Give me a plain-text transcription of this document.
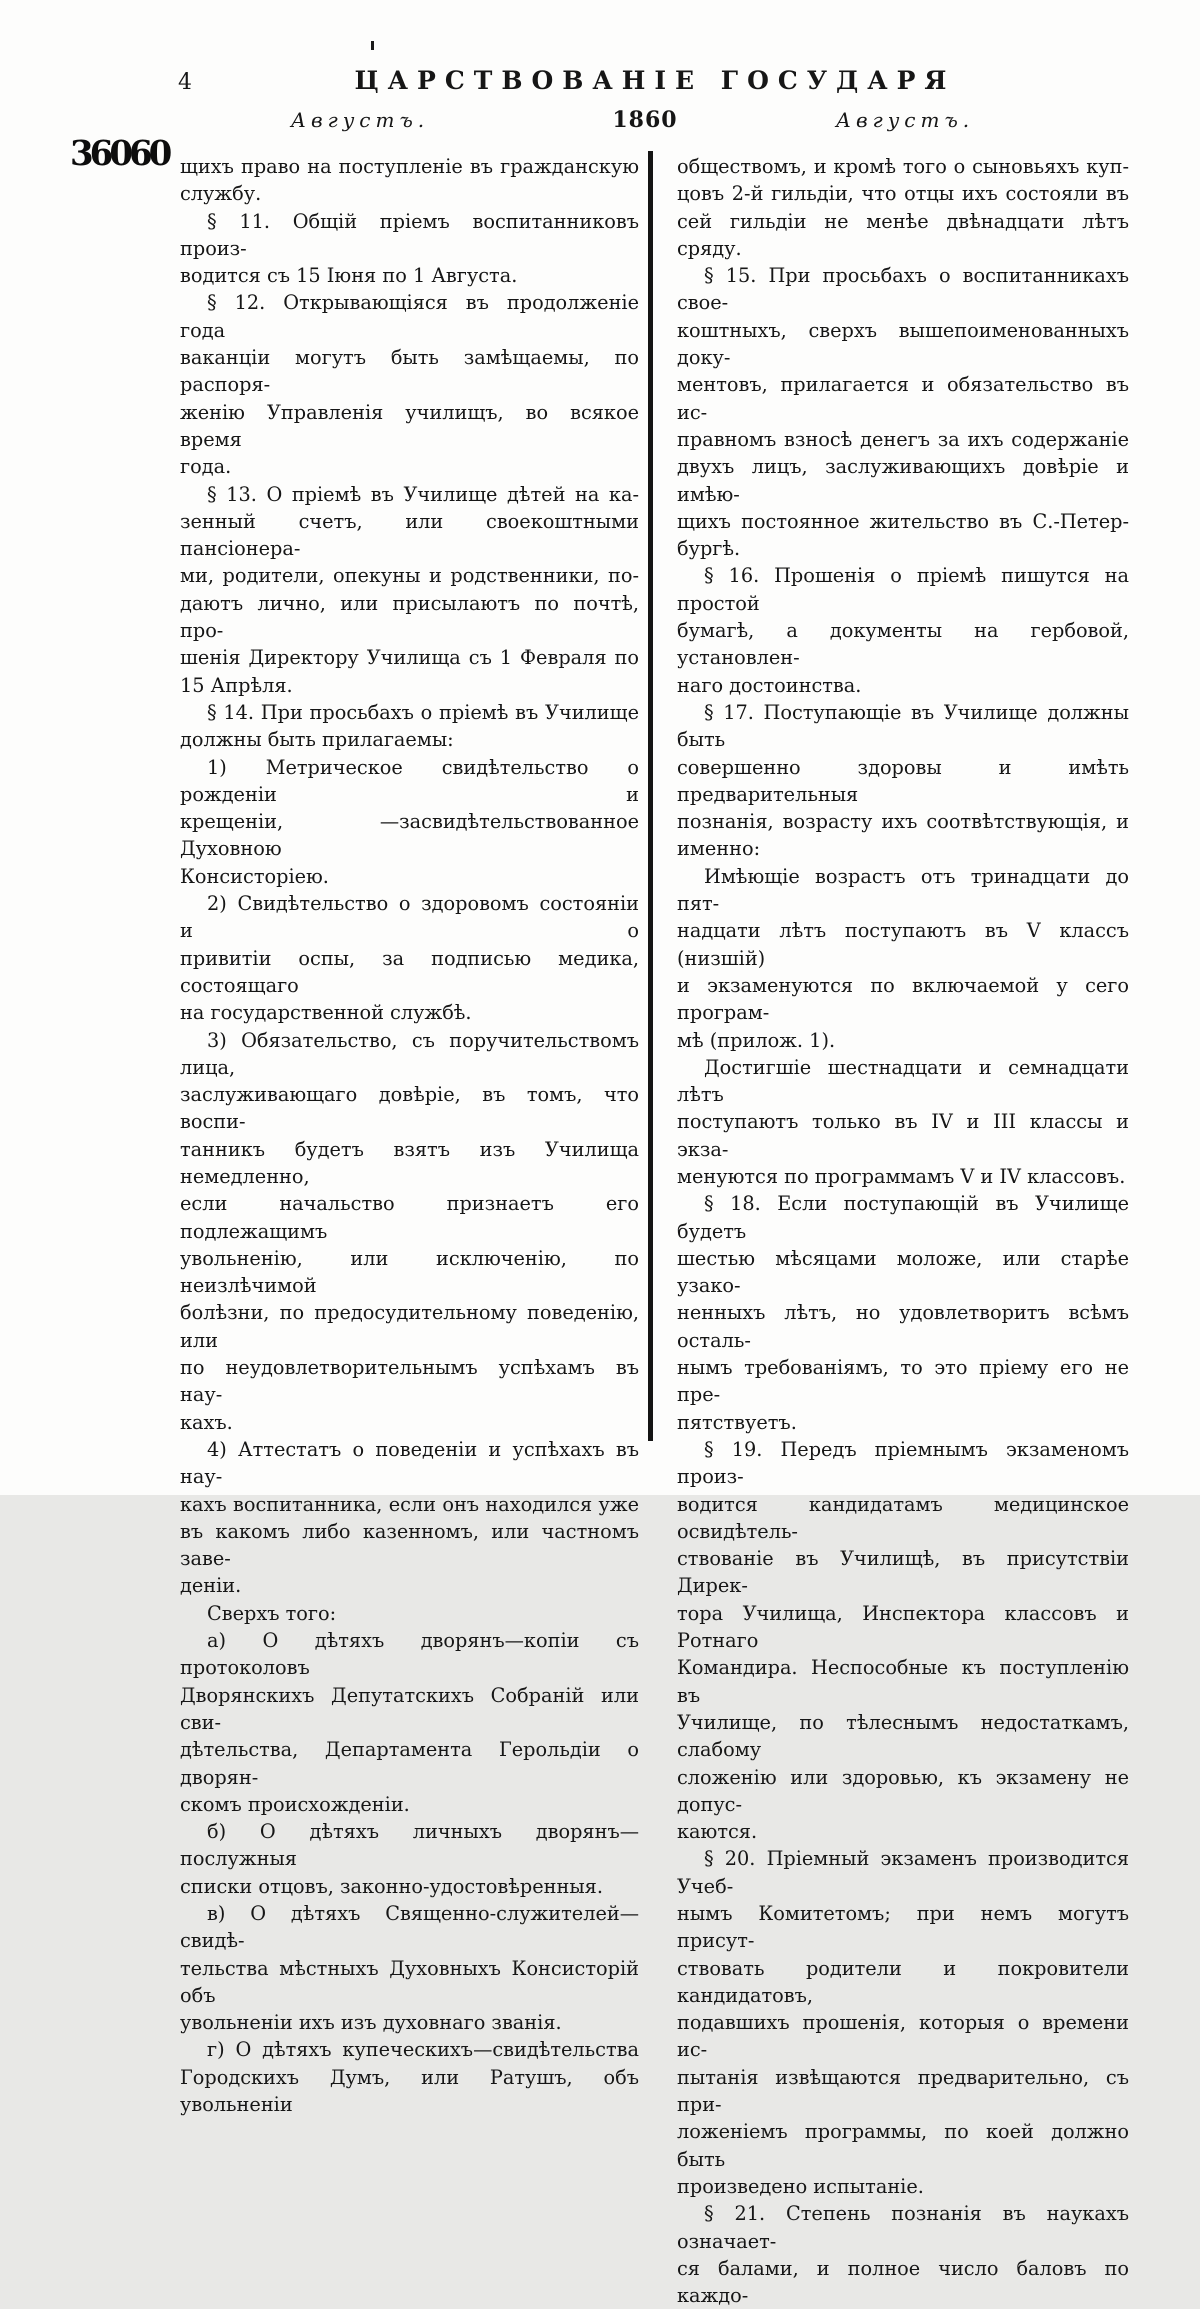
4	ЦАРСТВОВАНІЕ ГОСУДАРЯ
Августъ.	1860	Августъ.
36060 щихъ право на поступленіе въ гражданскую
службу.
§ 11. Общій пріемъ воспитанниковъ произ-
водится съ 15 Іюня по 1 Августа.
§ 12. Открывающіяся въ продолженіе года
ваканціи могутъ быть замѣщаемы, по распоря-
женію Управленія училищъ, во всякое время
года.
§ 13. О пріемѣ въ Училище дѣтей на ка-
зенный счетъ, или своекоштными пансіонера-
ми, родители, опекуны и родственники, по-
даютъ лично, или присылаютъ по почтѣ, про-
шенія Директору Училища съ 1 Февраля по
15 Апрѣля.
§ 14. При просьбахъ о пріемѣ въ Училище
должны быть прилагаемы:
1) Метрическое свидѣтельство о рожденіи и
крещеніи, —засвидѣтельствованное Духовною
Консисторіею.
2) Свидѣтельство о здоровомъ состояніи и о
привитіи оспы, за подписью медика, состоящаго
на государственной службѣ.
3) Обязательство, съ поручительствомъ лица,
заслуживающаго довѣріе, въ томъ, что воспи-
танникъ будетъ взятъ изъ Училища немедленно,
если начальство признаетъ его подлежащимъ
увольненію, или исключенію, по неизлѣчимой
болѣзни, по предосудительному поведенію, или
по неудовлетворительнымъ успѣхамъ въ нау-
кахъ.
4) Аттестатъ о поведеніи и успѣхахъ въ нау-
кахъ воспитанника, если онъ находился уже
въ какомъ либо казенномъ, или частномъ заве-
деніи.
Сверхъ того:
а) О дѣтяхъ дворянъ—копіи съ протоколовъ
Дворянскихъ Депутатскихъ Собраній или сви-
дѣтельства, Департамента Герольдіи о дворян-
скомъ происхожденіи.
б) О дѣтяхъ личныхъ дворянъ—послужныя
списки отцовъ, законно-удостовѣренныя.
в) О дѣтяхъ Священно-служителей—свидѣ-
тельства мѣстныхъ Духовныхъ Консисторій объ
увольненіи ихъ изъ духовнаго званія.
г) О дѣтяхъ купеческихъ—свидѣтельства
Городскихъ Думъ, или Ратушъ, объ увольненіи
обществомъ, и кромѣ того о сыновьяхъ куп-
цовъ 2-й гильдіи, что отцы ихъ состояли въ
сей гильдіи не менѣе двѣнадцати лѣтъ сряду.
§ 15. При просьбахъ о воспитанникахъ свое-
коштныхъ, сверхъ вышепоименованныхъ доку-
ментовъ, прилагается и обязательство въ ис-
правномъ взносѣ денегъ за ихъ содержаніе
двухъ лицъ, заслуживающихъ довѣріе и имѣю-
щихъ постоянное жительство въ С.-Петер-
бургѣ.
§ 16. Прошенія о пріемѣ пишутся на простой
бумагѣ, а документы на гербовой, установлен-
наго достоинства.
§ 17. Поступающіе въ Училище должны быть
совершенно здоровы и имѣть предварительныя
познанія, возрасту ихъ соотвѣтствующія, и
именно:
Имѣющіе возрастъ отъ тринадцати до пят-
надцати лѣтъ поступаютъ въ V классъ (низшій)
и экзаменуются по включаемой у сего програм-
мѣ (прилож. 1).
Достигшіе шестнадцати и семнадцати лѣтъ
поступаютъ только въ IV и III классы и экза-
менуются по программамъ V и IV классовъ.
§ 18. Если поступающій въ Училище будетъ
шестью мѣсяцами моложе, или старѣе узако-
ненныхъ лѣтъ, но удовлетворитъ всѣмъ осталь-
нымъ требованіямъ, то это пріему его не пре-
пятствуетъ.
§ 19. Передъ пріемнымъ экзаменомъ произ-
водится кандидатамъ медицинское освидѣтель-
ствованіе въ Училищѣ, въ присутствіи Дирек-
тора Училища, Инспектора классовъ и Ротнаго
Командира. Неспособные къ поступленію въ
Училище, по тѣлеснымъ недостаткамъ, слабому
сложенію или здоровью, къ экзамену не допус-
каются.
§ 20. Пріемный экзаменъ производится Учеб-
нымъ Комитетомъ; при немъ могутъ присут-
ствовать родители и покровители кандидатовъ,
подавшихъ прошенія, которыя о времени ис-
пытанія извѣщаются предварительно, съ при-
ложеніемъ программы, по коей должно быть
произведено испытаніе.
§ 21. Степень познанія въ наукахъ означает-
ся балами, и полное число баловъ по каждо-
